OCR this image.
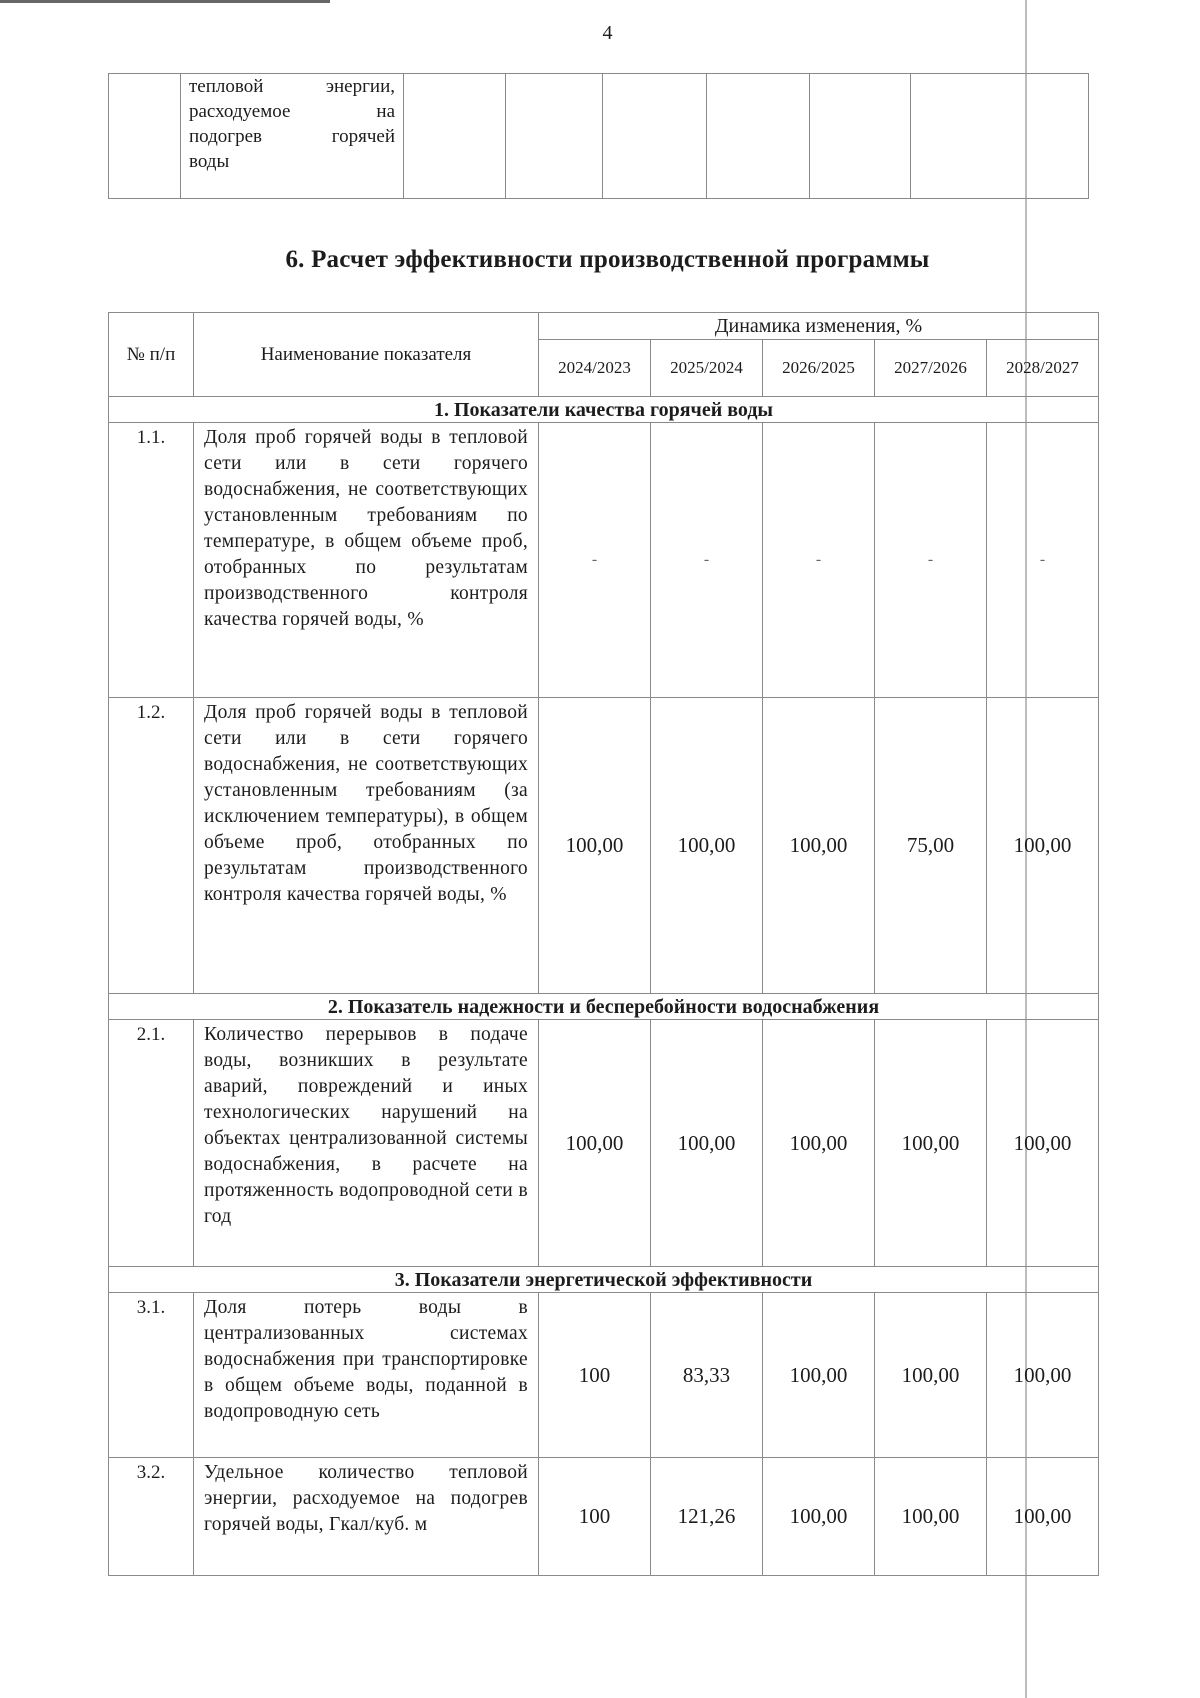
4

тепловой энергии,
расходуемое на
подогрев горячей
воды

6. Расчет эффективности производственной программы
№ п/п	Наименование показателя	Динамика изменения, %				
		2024/2023	2025/2024	2026/2025	2027/2026	2028/2027
1. Показатели качества горячей воды						
1.1.	Доля проб горячей воды в тепловой сети или в сети горячего водоснабжения, не соответствующих установленным требованиям по температуре, в общем объеме проб, отобранных по результатам производственного контроля качества горячей воды, %	-	-	-	-	-
1.2.	Доля проб горячей воды в тепловой сети или в сети горячего водоснабжения, не соответствующих установленным требованиям (за исключением температуры), в общем объеме проб, отобранных по результатам производственного контроля качества горячей воды, %	100,00	100,00	100,00	75,00	100,00
2. Показатель надежности и бесперебойности водоснабжения						
2.1.	Количество перерывов в подаче воды, возникших в результате аварий, повреждений и иных технологических нарушений на объектах централизованной системы водоснабжения, в расчете на протяженность водопроводной сети в год	100,00	100,00	100,00	100,00	100,00
3. Показатели энергетической эффективности						
3.1.	Доля потерь воды в централизованных системах водоснабжения при транспортировке в общем объеме воды, поданной в водопроводную сеть	100	83,33	100,00	100,00	100,00
3.2.	Удельное количество тепловой энергии, расходуемое на подогрев горячей воды, Гкал/куб. м	100	121,26	100,00	100,00	100,00
